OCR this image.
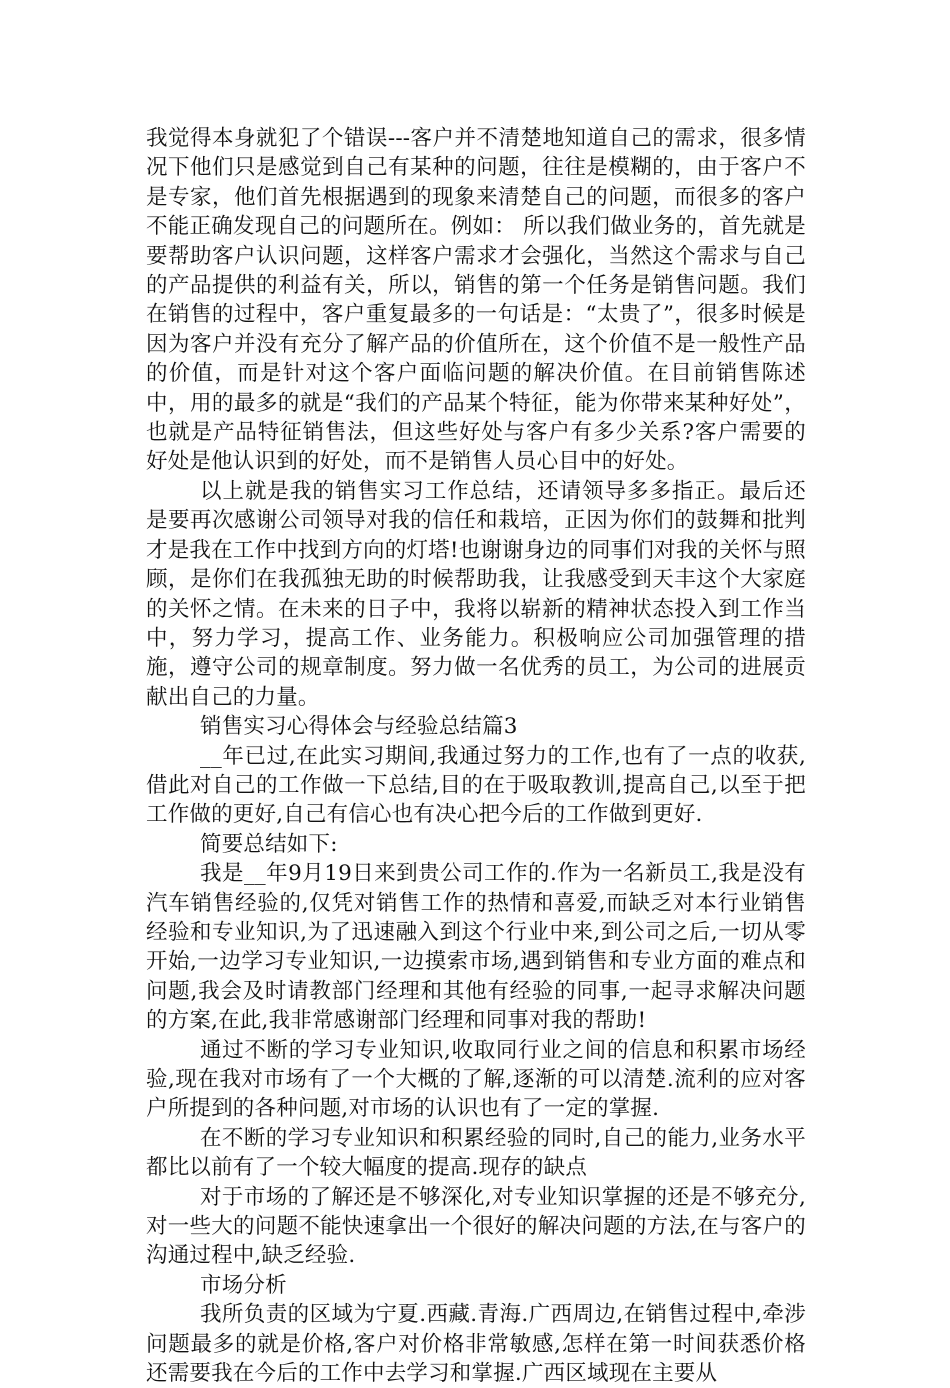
我觉得本身就犯了个错误---客户并不清楚地知道自己的需求，很多情况下他们只是感觉到自己有某种的问题，往往是模糊的，由于客户不是专家，他们首先根据遇到的现象来清楚自己的问题，而很多的客户不能正确发现自己的问题所在。例如： 所以我们做业务的，首先就是要帮助客户认识问题，这样客户需求才会强化，当然这个需求与自己的产品提供的利益有关，所以，销售的第一个任务是销售问题。我们在销售的过程中，客户重复最多的一句话是：“太贵了”，很多时候是因为客户并没有充分了解产品的价值所在，这个价值不是一般性产品的价值，而是针对这个客户面临问题的解决价值。在目前销售陈述中，用的最多的就是“我们的产品某个特征，能为你带来某种好处”，也就是产品特征销售法，但这些好处与客户有多少关系?客户需要的好处是他认识到的好处，而不是销售人员心目中的好处。

以上就是我的销售实习工作总结，还请领导多多指正。最后还是要再次感谢公司领导对我的信任和栽培，正因为你们的鼓舞和批判才是我在工作中找到方向的灯塔!也谢谢身边的同事们对我的关怀与照顾，是你们在我孤独无助的时候帮助我，让我感受到天丰这个大家庭的关怀之情。在未来的日子中，我将以崭新的精神状态投入到工作当中，努力学习，提高工作、业务能力。积极响应公司加强管理的措施，遵守公司的规章制度。努力做一名优秀的员工，为公司的进展贡献出自己的力量。

销售实习心得体会与经验总结篇3

__年已过,在此实习期间,我通过努力的工作,也有了一点的收获,借此对自己的工作做一下总结,目的在于吸取教训,提高自己,以至于把工作做的更好,自己有信心也有决心把今后的工作做到更好.

简要总结如下:

我是__年9月19日来到贵公司工作的.作为一名新员工,我是没有汽车销售经验的,仅凭对销售工作的热情和喜爱,而缺乏对本行业销售经验和专业知识,为了迅速融入到这个行业中来,到公司之后,一切从零开始,一边学习专业知识,一边摸索市场,遇到销售和专业方面的难点和问题,我会及时请教部门经理和其他有经验的同事,一起寻求解决问题的方案,在此,我非常感谢部门经理和同事对我的帮助!

通过不断的学习专业知识,收取同行业之间的信息和积累市场经验,现在我对市场有了一个大概的了解,逐渐的可以清楚.流利的应对客户所提到的各种问题,对市场的认识也有了一定的掌握.

在不断的学习专业知识和积累经验的同时,自己的能力,业务水平都比以前有了一个较大幅度的提高.现存的缺点

对于市场的了解还是不够深化,对专业知识掌握的还是不够充分,对一些大的问题不能快速拿出一个很好的解决问题的方法,在与客户的沟通过程中,缺乏经验.

市场分析

我所负责的区域为宁夏.西藏.青海.广西周边,在销售过程中,牵涉问题最多的就是价格,客户对价格非常敏感,怎样在第一时间获悉价格还需要我在今后的工作中去学习和掌握.广西区域现在主要从
